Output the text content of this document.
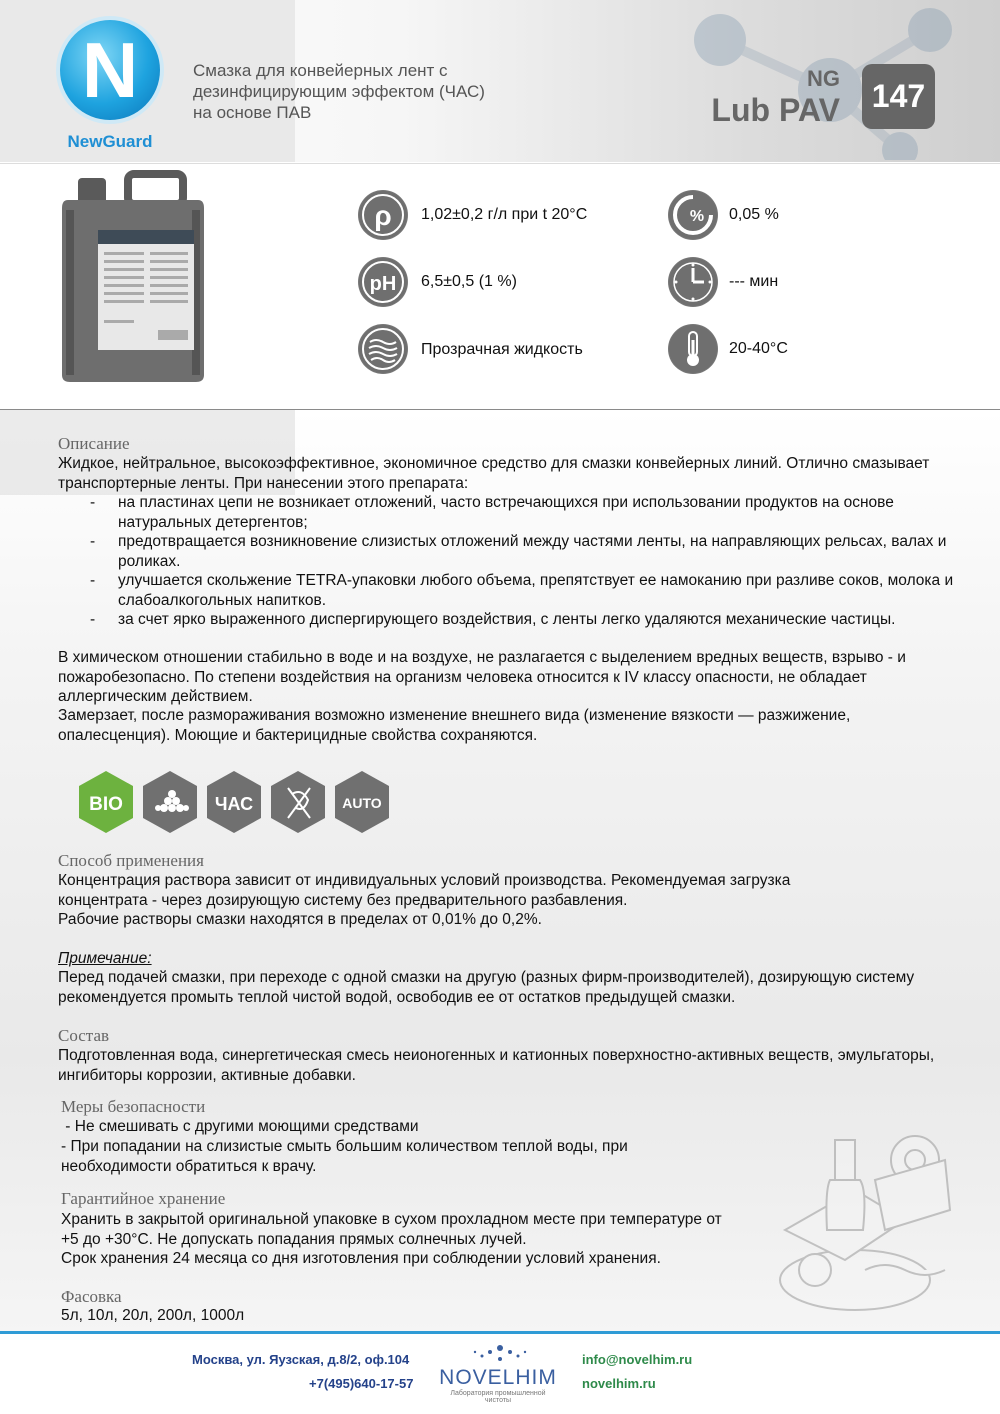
N
NewGuard
Смазка для конвейерных лент с
дезинфицирующим эффектом (ЧАС)
на основе ПАВ
NG
Lub PAV 147
ρ 1,02±0,2 г/л при t 20°C
pH 6,5±0,5 (1 %)
Прозрачная жидкость
% 0,05 %
--- мин
20-40°С
Описание
Жидкое, нейтральное, высокоэффективное, экономичное средство для смазки конвейерных линий. Отлично смазывает транспортерные ленты. При нанесении этого препарата:
- на пластинах цепи не возникает отложений, часто встречающихся при использовании продуктов на основе натуральных детергентов;
- предотвращается возникновение слизистых отложений между частями ленты, на направляющих рельсах, валах и роликах.
- улучшается скольжение TETRA-упаковки любого объема, препятствует ее намоканию при разливе соков, молока и слабоалкогольных напитков.
- за счет ярко выраженного диспергирующего воздействия, с ленты легко удаляются механические частицы.
В химическом отношении стабильно в воде и на воздухе, не разлагается с выделением вредных веществ, взрыво - и пожаробезопасно. По степени воздействия на организм человека относится к IV классу опасности, не обладает аллергическим действием.
Замерзает, после размораживания возможно изменение внешнего вида (изменение вязкости — разжижение, опалесценция). Моющие и бактерицидные свойства сохраняются.
BIO	ЧАС	AUTO
Способ применения
Концентрация раствора зависит от индивидуальных условий производства. Рекомендуемая загрузка концентрата - через дозирующую систему без предварительного разбавления.
Рабочие растворы смазки находятся в пределах от 0,01% до 0,2%.
Примечание:
Перед подачей смазки, при переходе с одной смазки на другую (разных фирм-производителей), дозирующую систему рекомендуется промыть теплой чистой водой, освободив ее от остатков предыдущей смазки.
Состав
Подготовленная вода, синергетическая смесь неионогенных и катионных поверхностно-активных веществ, эмульгаторы, ингибиторы коррозии, активные добавки.
Меры безопасности
- Не смешивать с другими моющими средствами
- При попадании на слизистые смыть большим количеством теплой воды, при необходимости обратиться к врачу.
Гарантийное хранение
Хранить в закрытой оригинальной упаковке в сухом прохладном месте при температуре от +5 до +30°С. Не допускать попадания прямых солнечных лучей.
Срок хранения 24 месяца со дня изготовления при соблюдении условий хранения.
Фасовка
5л, 10л, 20л, 200л, 1000л
Москва, ул. Яузская, д.8/2, оф.104
+7(495)640-17-57 NOVELHIM
Лаборатория промышленной чистоты
info@novelhim.ru
novelhim.ru
